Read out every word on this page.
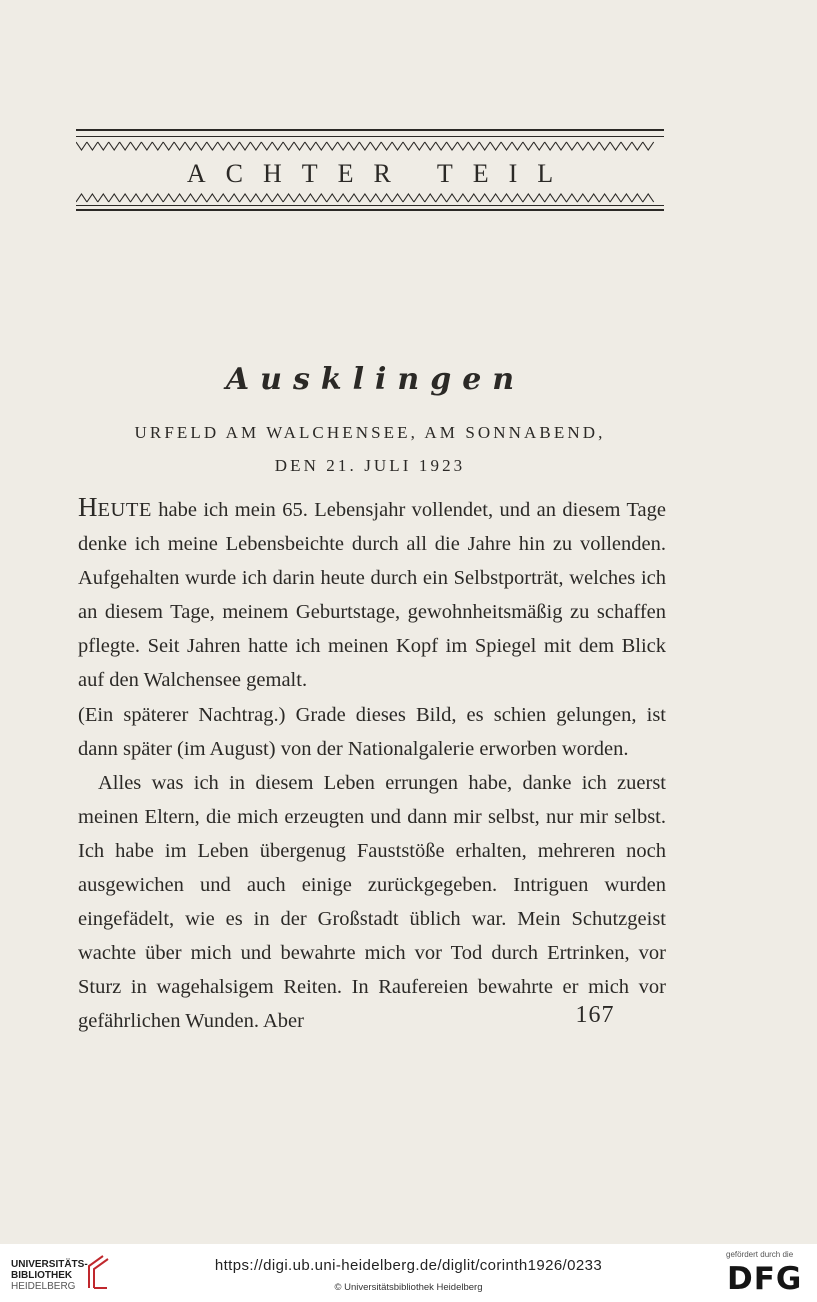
ACHTER TEIL
Ausklingen
URFELD AM WALCHENSEE, AM SONNABEND,
DEN 21. JULI 1923

HEUTE habe ich mein 65. Lebensjahr vollendet, und an diesem Tage denke ich meine Lebensbeichte durch all die Jahre hin zu vollenden. Aufgehalten wurde ich darin heute durch ein Selbstporträt, welches ich an diesem Tage, meinem Geburtstage, gewohnheitsmäßig zu schaffen pflegte. Seit Jahren hatte ich meinen Kopf im Spiegel mit dem Blick auf den Walchensee gemalt.

(Ein späterer Nachtrag.) Grade dieses Bild, es schien gelungen, ist dann später (im August) von der Nationalgalerie erworben worden.

Alles was ich in diesem Leben errungen habe, danke ich zuerst meinen Eltern, die mich erzeugten und dann mir selbst, nur mir selbst. Ich habe im Leben übergenug Fauststöße erhalten, mehreren noch ausgewichen und auch einige zurückgegeben. Intriguen wurden eingefädelt, wie es in der Großstadt üblich war. Mein Schutzgeist wachte über mich und bewahrte mich vor Tod durch Ertrinken, vor Sturz in wagehalsigem Reiten. In Raufereien bewahrte er mich vor gefährlichen Wunden. Aber	167
UNIVERSITÄTS-
BIBLIOTHEK
HEIDELBERG
https://digi.ub.uni-heidelberg.de/diglit/corinth1926/0233
© Universitätsbibliothek Heidelberg
gefördert durch die
DFG
